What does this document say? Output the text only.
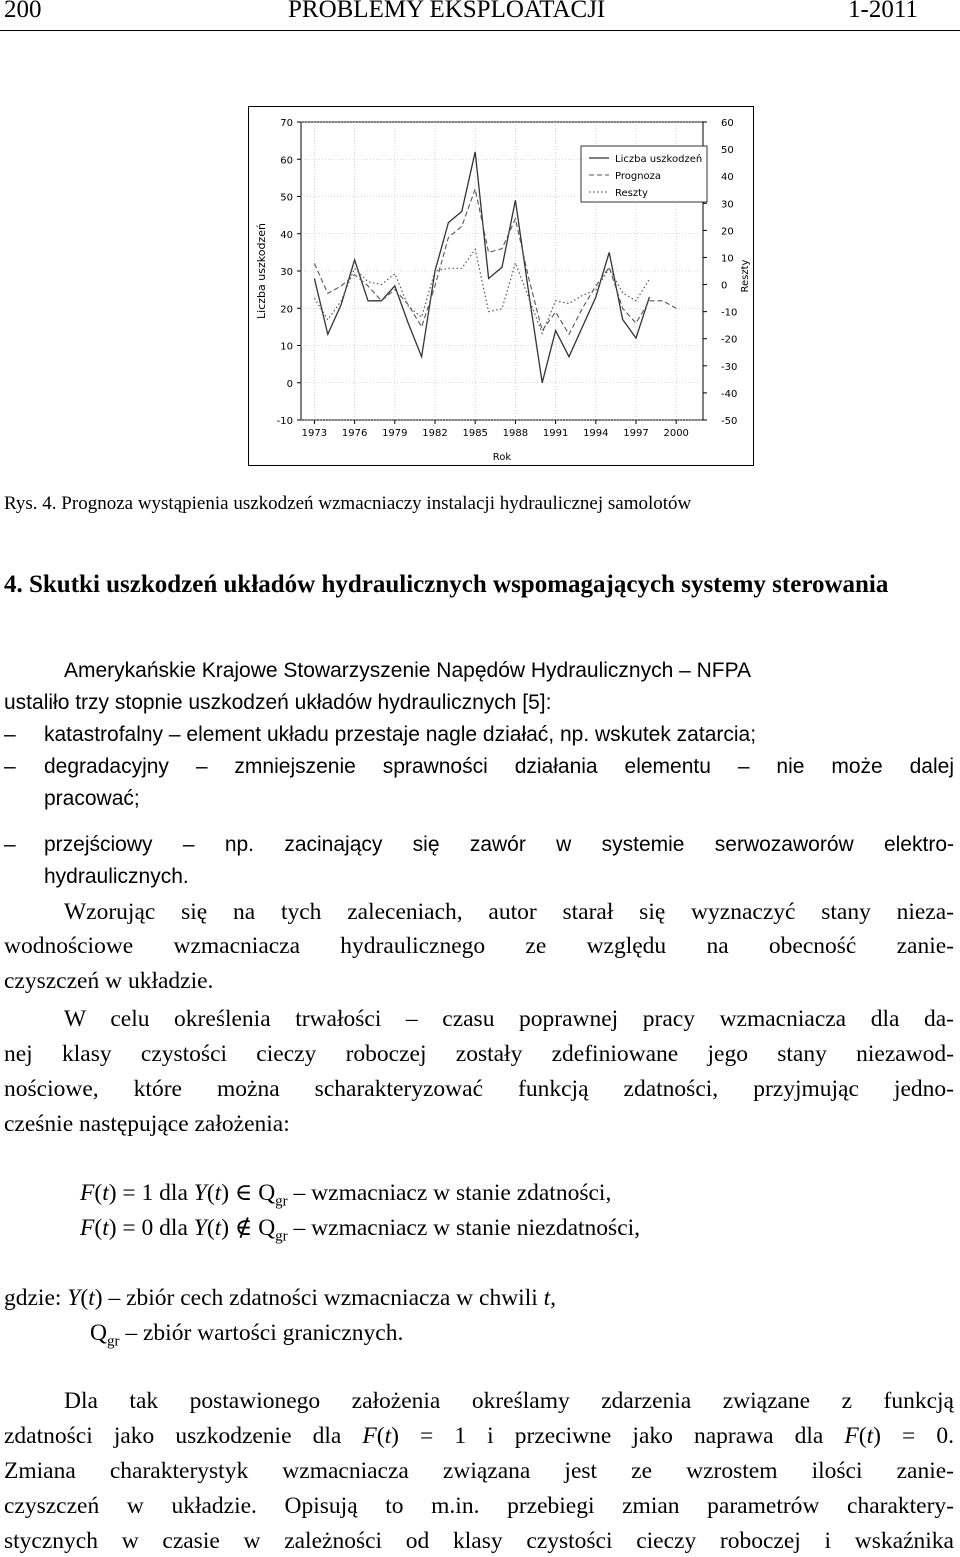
200	PROBLEMY EKSPLOATACJI	1-2011
70
60
50
40
30
20
10
0
-10
60
50
40
30
20
10
0
-10
-20
-30
-40
-50
1973 1976 1979 1982 1985 1988 1991 1994 1997 2000
Rok
Liczba uszkodzeń	Reszty
Liczba uszkodzeń
Prognoza
Reszty
Rys. 4. Prognoza wystąpienia uszkodzeń wzmacniaczy instalacji hydraulicznej samolotów
4. Skutki uszkodzeń układów hydraulicznych wspomagających systemy sterowania
Amerykańskie Krajowe Stowarzyszenie Napędów Hydraulicznych – NFPA
ustaliło trzy stopnie uszkodzeń układów hydraulicznych [5]:
– katastrofalny – element układu przestaje nagle działać, np. wskutek zatarcia;
– degradacyjny – zmniejszenie sprawności działania elementu – nie może dalej
pracować;
– przejściowy – np. zacinający się zawór w systemie serwozaworów elektro-
hydraulicznych.
Wzorując się na tych zaleceniach, autor starał się wyznaczyć stany nieza-
wodnościowe wzmacniacza hydraulicznego ze względu na obecność zanie-
czyszczeń w układzie.
W celu określenia trwałości – czasu poprawnej pracy wzmacniacza dla da-
nej klasy czystości cieczy roboczej zostały zdefiniowane jego stany niezawod-
nościowe, które można scharakteryzować funkcją zdatności, przyjmując jedno-
cześnie następujące założenia:
F(t) = 1 dla Y(t) ∈ $Q_{gr}$ – wzmacniacz w stanie zdatności,
F(t) = 0 dla Y(t) ∉ $Q_{gr}$ – wzmacniacz w stanie niezdatności,
gdzie: Y(t) – zbiór cech zdatności wzmacniacza w chwili t,
$Q_{gr}$ – zbiór wartości granicznych.
Dla tak postawionego założenia określamy zdarzenia związane z funkcją
zdatności jako uszkodzenie dla F(t) = 1 i przeciwne jako naprawa dla F(t) = 0.
Zmiana charakterystyk wzmacniacza związana jest ze wzrostem ilości zanie-
czyszczeń w układzie. Opisują to m.in. przebiegi zmian parametrów charaktery-
stycznych w czasie w zależności od klasy czystości cieczy roboczej i wskaźnika
